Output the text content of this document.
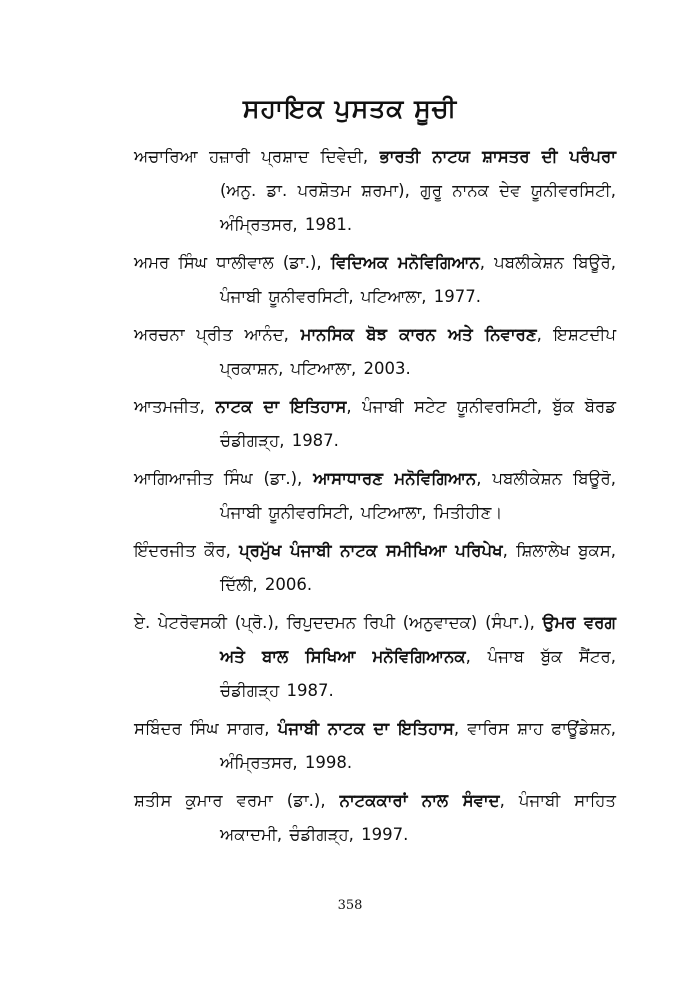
ਸਹਾਇਕ ਪੁਸਤਕ ਸੂਚੀ

ਅਚਾਰਿਆ ਹਜ਼ਾਰੀ ਪ੍ਰਸ਼ਾਦ ਦਿਵੇਦੀ, ਭਾਰਤੀ ਨਾਟਯ ਸ਼ਾਸਤਰ ਦੀ ਪਰੰਪਰਾ (ਅਨੁ. ਡਾ. ਪਰਸ਼ੋਤਮ ਸ਼ਰਮਾ), ਗੁਰੂ ਨਾਨਕ ਦੇਵ ਯੂਨੀਵਰਸਿਟੀ, ਅੰਮ੍ਰਿਤਸਰ, 1981.

ਅਮਰ ਸਿੰਘ ਧਾਲੀਵਾਲ (ਡਾ.), ਵਿਦਿਅਕ ਮਨੋਵਿਗਿਆਨ, ਪਬਲੀਕੇਸ਼ਨ ਬਿਊਰੋ, ਪੰਜਾਬੀ ਯੂਨੀਵਰਸਿਟੀ, ਪਟਿਆਲਾ, 1977.

ਅਰਚਨਾ ਪ੍ਰੀਤ ਆਨੰਦ, ਮਾਨਸਿਕ ਬੋਝ ਕਾਰਨ ਅਤੇ ਨਿਵਾਰਣ, ਇਸ਼ਟਦੀਪ ਪ੍ਰਕਾਸ਼ਨ, ਪਟਿਆਲਾ, 2003.

ਆਤਮਜੀਤ, ਨਾਟਕ ਦਾ ਇਤਿਹਾਸ, ਪੰਜਾਬੀ ਸਟੇਟ ਯੂਨੀਵਰਸਿਟੀ, ਬੁੱਕ ਬੋਰਡ ਚੰਡੀਗੜ੍ਹ, 1987.

ਆਗਿਆਜੀਤ ਸਿੰਘ (ਡਾ.), ਆਸਾਧਾਰਣ ਮਨੋਵਿਗਿਆਨ, ਪਬਲੀਕੇਸ਼ਨ ਬਿਊਰੋ, ਪੰਜਾਬੀ ਯੂਨੀਵਰਸਿਟੀ, ਪਟਿਆਲਾ, ਮਿਤੀਹੀਣ।

ਇੰਦਰਜੀਤ ਕੌਰ, ਪ੍ਰਮੁੱਖ ਪੰਜਾਬੀ ਨਾਟਕ ਸਮੀਖਿਆ ਪਰਿਪੇਖ, ਸ਼ਿਲਾਲੇਖ ਬੁਕਸ, ਦਿੱਲੀ, 2006.

ਏ. ਪੇਟਰੋਵਸਕੀ (ਪ੍ਰੋ.), ਰਿਪੁਦਦਮਨ ਰਿਪੀ (ਅਨੁਵਾਦਕ) (ਸੰਪਾ.), ਉਮਰ ਵਰਗ ਅਤੇ ਬਾਲ ਸਿਖਿਆ ਮਨੋਵਿਗਿਆਨਕ, ਪੰਜਾਬ ਬੁੱਕ ਸੈਂਟਰ, ਚੰਡੀਗੜ੍ਹ 1987.

ਸਬਿੰਦਰ ਸਿੰਘ ਸਾਗਰ, ਪੰਜਾਬੀ ਨਾਟਕ ਦਾ ਇਤਿਹਾਸ, ਵਾਰਿਸ ਸ਼ਾਹ ਫਾਊਂਡੇਸ਼ਨ, ਅੰਮ੍ਰਿਤਸਰ, 1998.

ਸ਼ਤੀਸ ਕੁਮਾਰ ਵਰਮਾ (ਡਾ.), ਨਾਟਕਕਾਰਾਂ ਨਾਲ ਸੰਵਾਦ, ਪੰਜਾਬੀ ਸਾਹਿਤ ਅਕਾਦਮੀ, ਚੰਡੀਗੜ੍ਹ, 1997.

358
